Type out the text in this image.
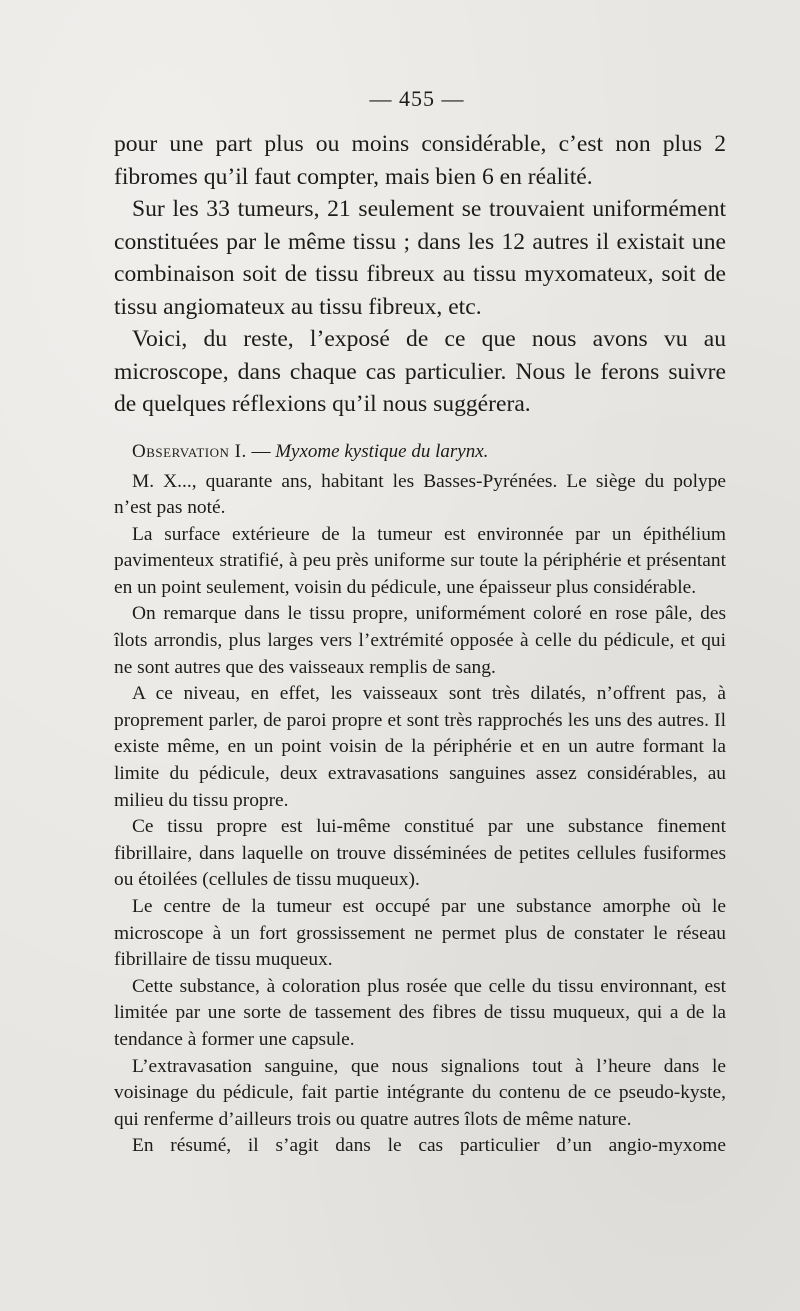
— 455 —

pour une part plus ou moins considérable, c’est non plus 2 fibromes qu’il faut compter, mais bien 6 en réalité.

Sur les 33 tumeurs, 21 seulement se trouvaient uniformément constituées par le même tissu ; dans les 12 autres il existait une combinaison soit de tissu fibreux au tissu myxomateux, soit de tissu angiomateux au tissu fibreux, etc.

Voici, du reste, l’exposé de ce que nous avons vu au microscope, dans chaque cas particulier. Nous le ferons suivre de quelques réflexions qu’il nous suggérera.

Observation I. — Myxome kystique du larynx.

M. X..., quarante ans, habitant les Basses-Pyrénées. Le siège du polype n’est pas noté.

La surface extérieure de la tumeur est environnée par un épithélium pavimenteux stratifié, à peu près uniforme sur toute la périphérie et présentant en un point seulement, voisin du pédicule, une épaisseur plus considérable.

On remarque dans le tissu propre, uniformément coloré en rose pâle, des îlots arrondis, plus larges vers l’extrémité opposée à celle du pédicule, et qui ne sont autres que des vaisseaux remplis de sang.

A ce niveau, en effet, les vaisseaux sont très dilatés, n’offrent pas, à proprement parler, de paroi propre et sont très rapprochés les uns des autres. Il existe même, en un point voisin de la périphérie et en un autre formant la limite du pédicule, deux extravasations sanguines assez considérables, au milieu du tissu propre.

Ce tissu propre est lui-même constitué par une substance finement fibrillaire, dans laquelle on trouve disséminées de petites cellules fusiformes ou étoilées (cellules de tissu muqueux).

Le centre de la tumeur est occupé par une substance amorphe où le microscope à un fort grossissement ne permet plus de constater le réseau fibrillaire de tissu muqueux.

Cette substance, à coloration plus rosée que celle du tissu environnant, est limitée par une sorte de tassement des fibres de tissu muqueux, qui a de la tendance à former une capsule.

L’extravasation sanguine, que nous signalions tout à l’heure dans le voisinage du pédicule, fait partie intégrante du contenu de ce pseudo-kyste, qui renferme d’ailleurs trois ou quatre autres îlots de même nature.

En résumé, il s’agit dans le cas particulier d’un angio-myxome
